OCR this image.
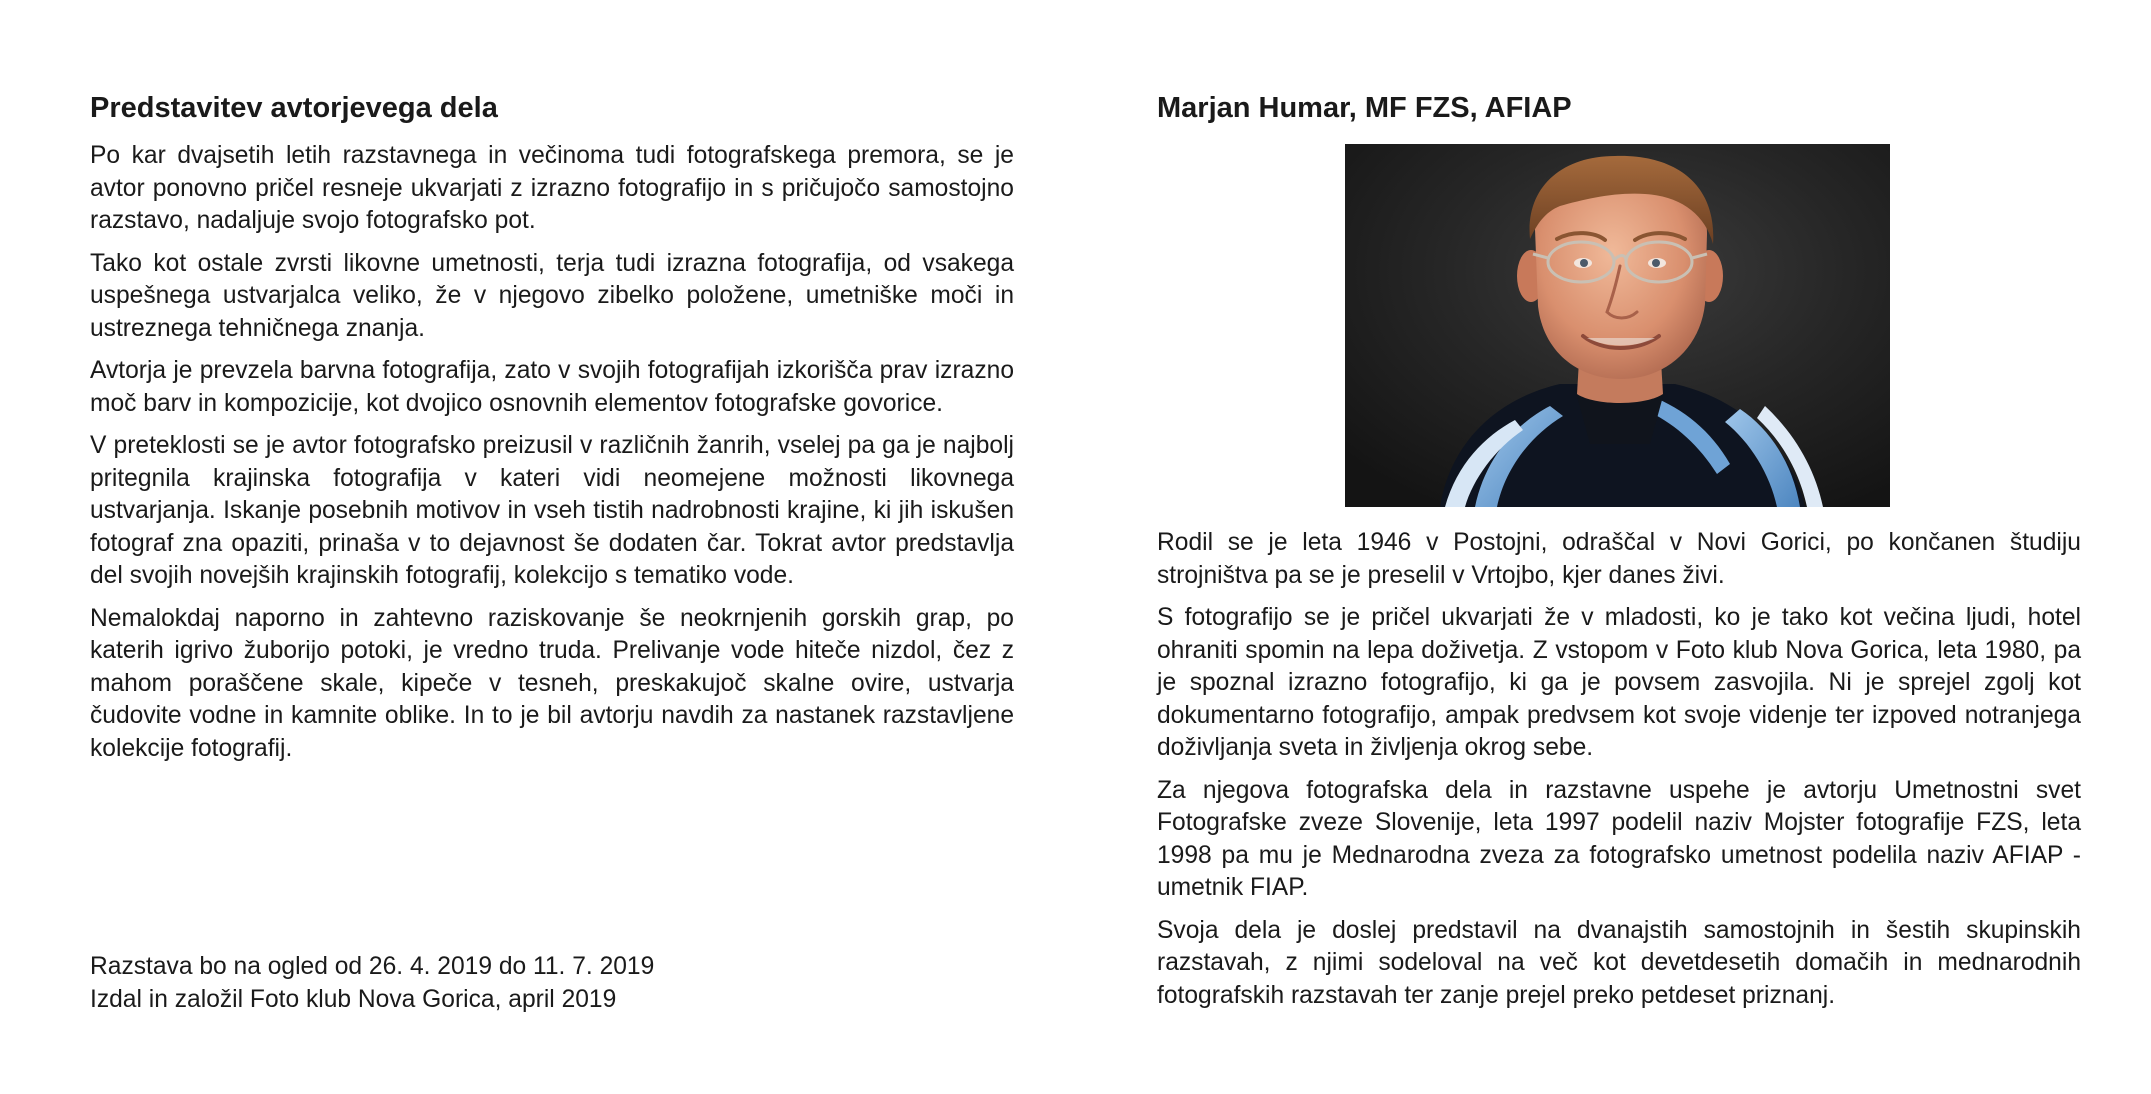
Predstavitev avtorjevega dela

Po kar dvajsetih letih razstavnega in večinoma tudi fotografskega premora, se je avtor ponovno pričel resneje ukvarjati z izrazno fotografijo in s pričujočo samostojno razstavo, nadaljuje svojo fotografsko pot.

Tako kot ostale zvrsti likovne umetnosti, terja tudi izrazna fotografija, od vsakega uspešnega ustvarjalca veliko, že v njegovo zibelko položene, umetniške moči in ustreznega tehničnega znanja.

Avtorja je prevzela barvna fotografija, zato v svojih fotografijah izkorišča prav izrazno moč barv in kompozicije, kot dvojico osnovnih elementov fotografske govorice.

V preteklosti se je avtor fotografsko preizusil v različnih žanrih, vselej pa ga je najbolj pritegnila krajinska fotografija v kateri vidi neomejene možnosti likovnega ustvarjanja. Iskanje posebnih motivov in vseh tistih nadrobnosti krajine, ki jih iskušen fotograf zna opaziti, prinaša v to dejavnost še dodaten čar. Tokrat avtor predstavlja del svojih novejših krajinskih fotografij, kolekcijo s tematiko vode.

Nemalokdaj naporno in zahtevno raziskovanje še neokrnjenih gorskih grap, po katerih igrivo žuborijo potoki, je vredno truda. Prelivanje vode hiteče nizdol, čez z mahom poraščene skale, kipeče v tesneh, preskakujoč skalne ovire, ustvarja čudovite vodne in kamnite oblike. In to je bil avtorju navdih za nastanek razstavljene kolekcije fotografij.

Razstava bo na ogled od 26. 4. 2019 do 11. 7. 2019
Izdal in založil Foto klub Nova Gorica, april 2019
Marjan Humar, MF FZS, AFIAP

Rodil se je leta 1946 v Postojni, odraščal v Novi Gorici, po končanen študiju strojništva pa se je preselil v Vrtojbo, kjer danes živi.

S fotografijo se je pričel ukvarjati že v mladosti, ko je tako kot večina ljudi, hotel ohraniti spomin na lepa doživetja. Z vstopom v Foto klub Nova Gorica, leta 1980, pa je spoznal izrazno fotografijo, ki ga je povsem zasvojila. Ni je sprejel zgolj kot dokumentarno fotografijo, ampak predvsem kot svoje videnje ter izpoved notranjega doživljanja sveta in življenja okrog sebe.

Za njegova fotografska dela in razstavne uspehe je avtorju Umetnostni svet Fotografske zveze Slovenije, leta 1997 podelil naziv Mojster fotografije FZS, leta 1998 pa mu je Mednarodna zveza za fotografsko umetnost podelila naziv AFIAP - umetnik FIAP.

Svoja dela je doslej predstavil na dvanajstih samostojnih in šestih skupinskih razstavah, z njimi sodeloval na več kot devetdesetih domačih in mednarodnih fotografskih razstavah ter zanje prejel preko petdeset priznanj.
